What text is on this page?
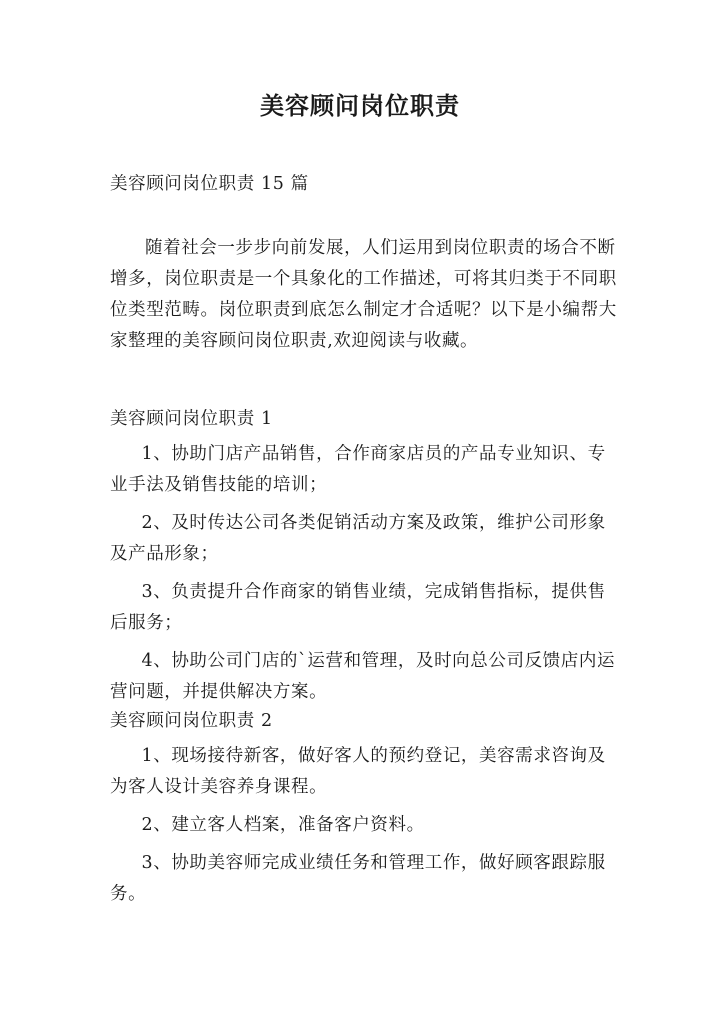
美容顾问岗位职责
美容顾问岗位职责 15 篇
随着社会一步步向前发展，人们运用到岗位职责的场合不断增多，岗位职责是一个具象化的工作描述，可将其归类于不同职位类型范畴。岗位职责到底怎么制定才合适呢？以下是小编帮大家整理的美容顾问岗位职责,欢迎阅读与收藏。
美容顾问岗位职责 1
1、协助门店产品销售，合作商家店员的产品专业知识、专业手法及销售技能的培训；
2、及时传达公司各类促销活动方案及政策，维护公司形象及产品形象；
3、负责提升合作商家的销售业绩，完成销售指标，提供售后服务；
4、协助公司门店的`运营和管理，及时向总公司反馈店内运营问题，并提供解决方案。
美容顾问岗位职责 2
1、现场接待新客，做好客人的预约登记，美容需求咨询及为客人设计美容养身课程。
2、建立客人档案，准备客户资料。
3、协助美容师完成业绩任务和管理工作，做好顾客跟踪服务。
